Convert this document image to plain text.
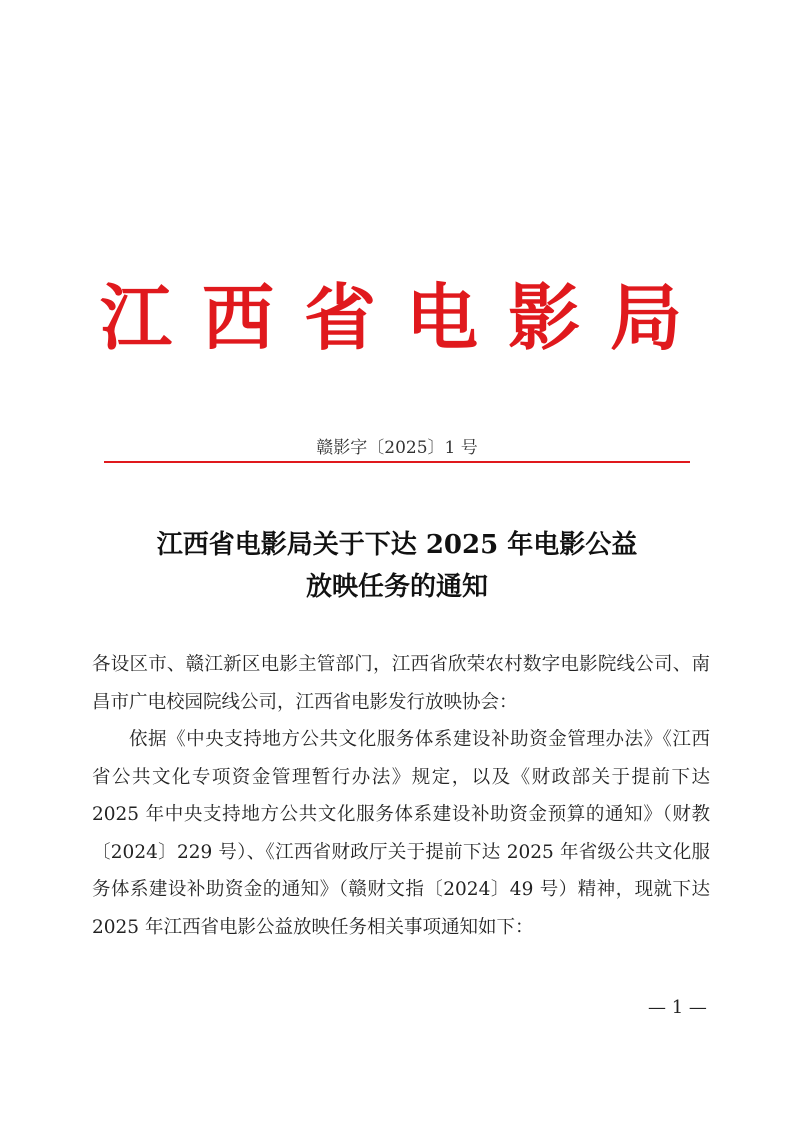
江西省电影局
赣影字〔2025〕1 号
江西省电影局关于下达 2025 年电影公益
放映任务的通知

各设区市、赣江新区电影主管部门，江西省欣荣农村数字电影院线公司、南昌市广电校园院线公司，江西省电影发行放映协会：

依据《中央支持地方公共文化服务体系建设补助资金管理办法》《江西省公共文化专项资金管理暂行办法》规定，以及《财政部关于提前下达 2025 年中央支持地方公共文化服务体系建设补助资金预算的通知》（财教〔2024〕229 号）、《江西省财政厅关于提前下达 2025 年省级公共文化服务体系建设补助资金的通知》（赣财文指〔2024〕49 号）精神，现就下达 2025 年江西省电影公益放映任务相关事项通知如下：

— 1 —
